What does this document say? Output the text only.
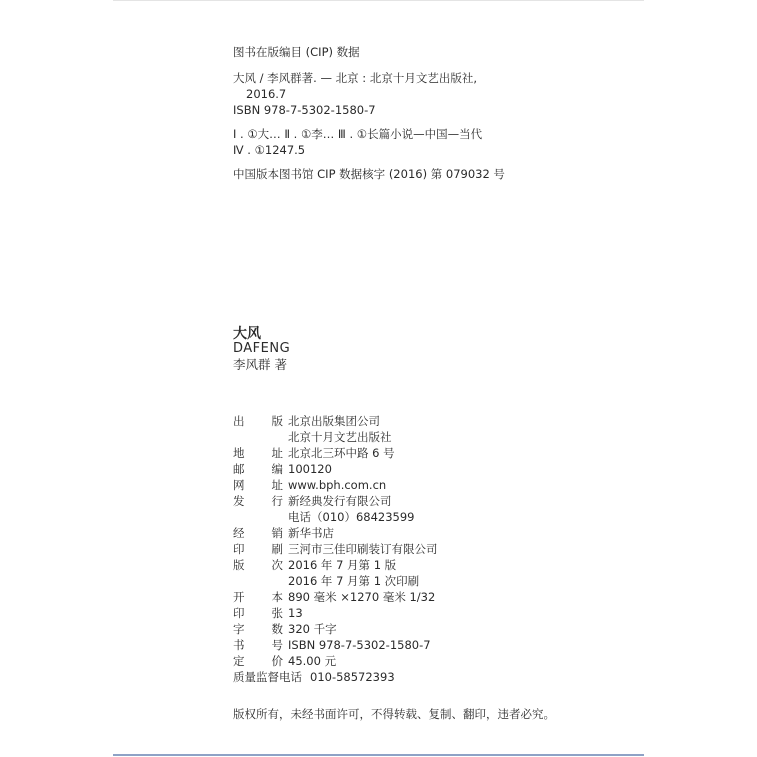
图书在版编目 (CIP) 数据
大风 / 李风群著. — 北京 : 北京十月文艺出版社,
2016.7
ISBN 978-7-5302-1580-7
Ⅰ . ①大… Ⅱ . ①李… Ⅲ . ①长篇小说—中国—当代
Ⅳ . ①1247.5
中国版本图书馆 CIP 数据核字 (2016) 第 079032 号
大风
DAFENG
李风群 著
出 版 北京出版集团公司
北京十月文艺出版社
地 址 北京北三环中路 6 号
邮 编 100120
网 址 www.bph.com.cn
发 行 新经典发行有限公司
电话（010）68423599
经 销 新华书店
印 刷 三河市三佳印刷装订有限公司
版 次 2016 年 7 月第 1 版
2016 年 7 月第 1 次印刷
开 本 890 毫米 ×1270 毫米 1/32
印 张 13
字 数 320 千字
书 号 ISBN 978-7-5302-1580-7
定 价 45.00 元
质量监督电话 010-58572393
版权所有，未经书面许可，不得转载、复制、翻印，违者必究。
